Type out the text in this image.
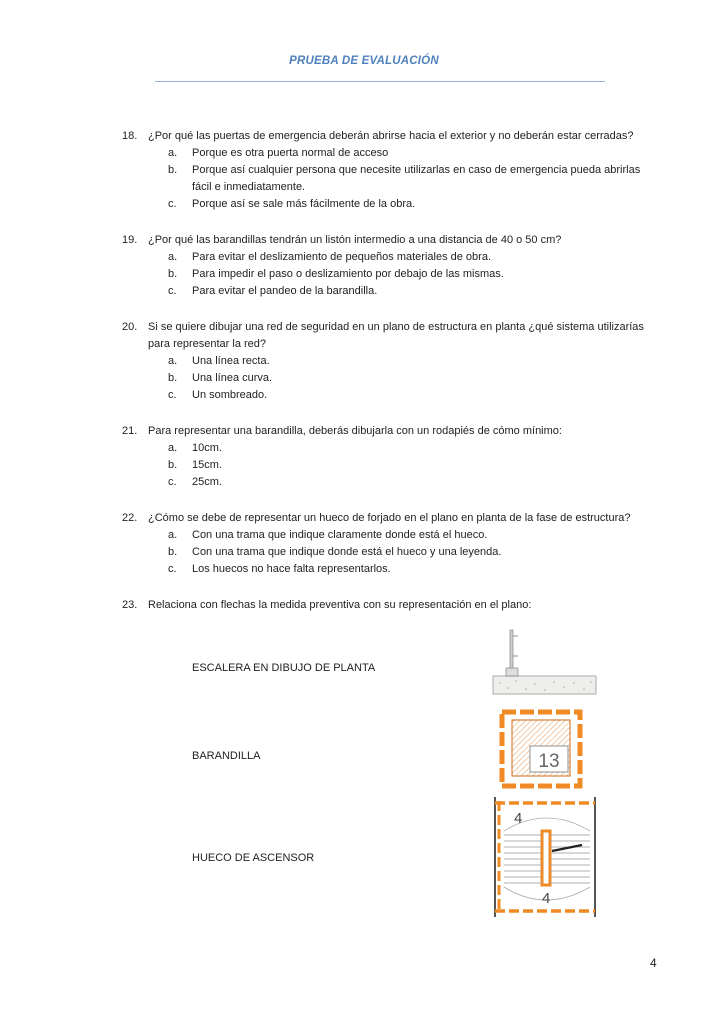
PRUEBA DE EVALUACIÓN
18. ¿Por qué las puertas de emergencia deberán abrirse hacia el exterior y no deberán estar cerradas?
a. Porque es otra puerta normal de acceso
b. Porque así cualquier persona que necesite utilizarlas en caso de emergencia pueda abrirlas
fácil e inmediatamente.
c. Porque así se sale más fácilmente de la obra.
19. ¿Por qué las barandillas tendrán un listón intermedio a una distancia de 40 o 50 cm?
a. Para evitar el deslizamiento de pequeños materiales de obra.
b. Para impedir el paso o deslizamiento por debajo de las mismas.
c. Para evitar el pandeo de la barandilla.
20. Si se quiere dibujar una red de seguridad en un plano de estructura en planta ¿qué sistema utilizarías
para representar la red?
a. Una línea recta.
b. Una línea curva.
c. Un sombreado.
21. Para representar una barandilla, deberás dibujarla con un rodapiés de cómo mínimo:
a. 10cm.
b. 15cm.
c. 25cm.
22. ¿Cómo se debe de representar un hueco de forjado en el plano en planta de la fase de estructura?
a. Con una trama que indique claramente donde está el hueco.
b. Con una trama que indique donde está el hueco y una leyenda.
c. Los huecos no hace falta representarlos.
23. Relaciona con flechas la medida preventiva con su representación en el plano:
ESCALERA EN DIBUJO DE PLANTA
BARANDILLA
HUECO DE ASCENSOR
13
4
4
4
